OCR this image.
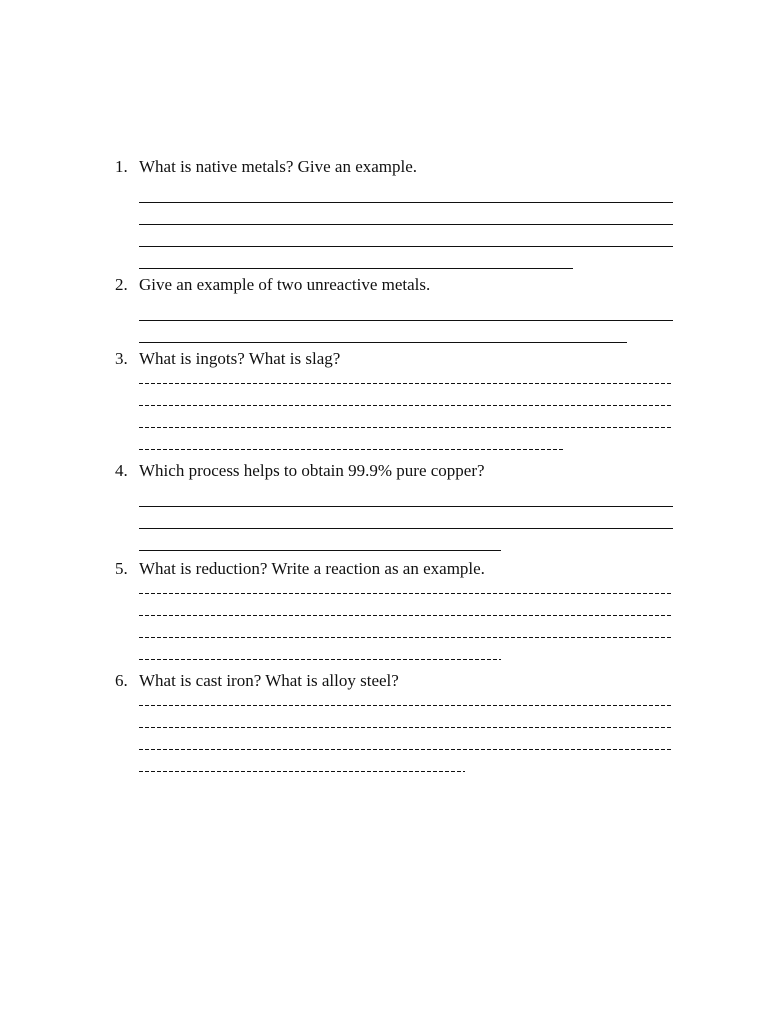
1. What is native metals? Give an example.
2. Give an example of two unreactive metals.
3. What is ingots? What is slag?
4. Which process helps to obtain 99.9% pure copper?
5. What is reduction? Write a reaction as an example.
6. What is cast iron? What is alloy steel?
